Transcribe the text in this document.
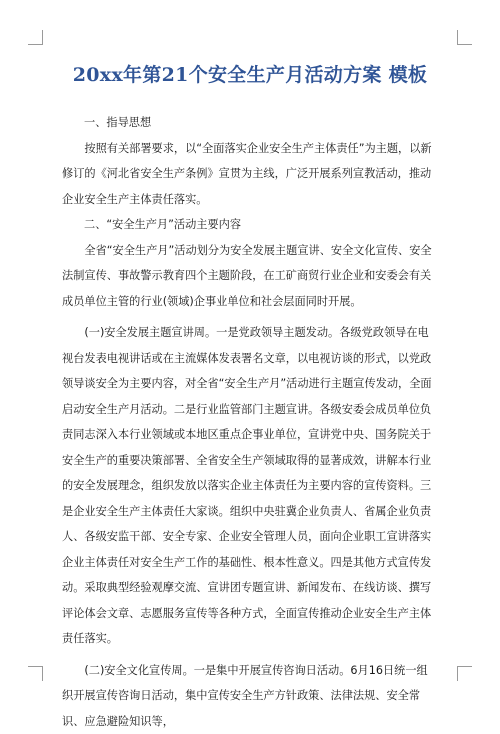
20xx年第21个安全生产月活动方案 模板

一、指导思想

按照有关部署要求，以“全面落实企业安全生产主体责任”为主题，以新修订的《河北省安全生产条例》宣贯为主线，广泛开展系列宣教活动，推动企业安全生产主体责任落实。

二、“安全生产月”活动主要内容

全省“安全生产月”活动划分为安全发展主题宣讲、安全文化宣传、安全法制宣传、事故警示教育四个主题阶段，在工矿商贸行业企业和安委会有关成员单位主管的行业(领域)企事业单位和社会层面同时开展。

(一)安全发展主题宣讲周。一是党政领导主题发动。各级党政领导在电视台发表电视讲话或在主流媒体发表署名文章，以电视访谈的形式，以党政领导谈安全为主要内容，对全省“安全生产月”活动进行主题宣传发动，全面启动安全生产月活动。二是行业监管部门主题宣讲。各级安委会成员单位负责同志深入本行业领域或本地区重点企事业单位，宣讲党中央、国务院关于安全生产的重要决策部署、全省安全生产领域取得的显著成效，讲解本行业的安全发展理念，组织发放以落实企业主体责任为主要内容的宣传资料。三是企业安全生产主体责任大家谈。组织中央驻冀企业负责人、省属企业负责人、各级安监干部、安全专家、企业安全管理人员，面向企业职工宣讲落实企业主体责任对安全生产工作的基础性、根本性意义。四是其他方式宣传发动。采取典型经验观摩交流、宣讲团专题宣讲、新闻发布、在线访谈、撰写评论体会文章、志愿服务宣传等各种方式，全面宣传推动企业安全生产主体责任落实。

(二)安全文化宣传周。一是集中开展宣传咨询日活动。6月16日统一组织开展宣传咨询日活动，集中宣传安全生产方针政策、法律法规、安全常识、应急避险知识等，
